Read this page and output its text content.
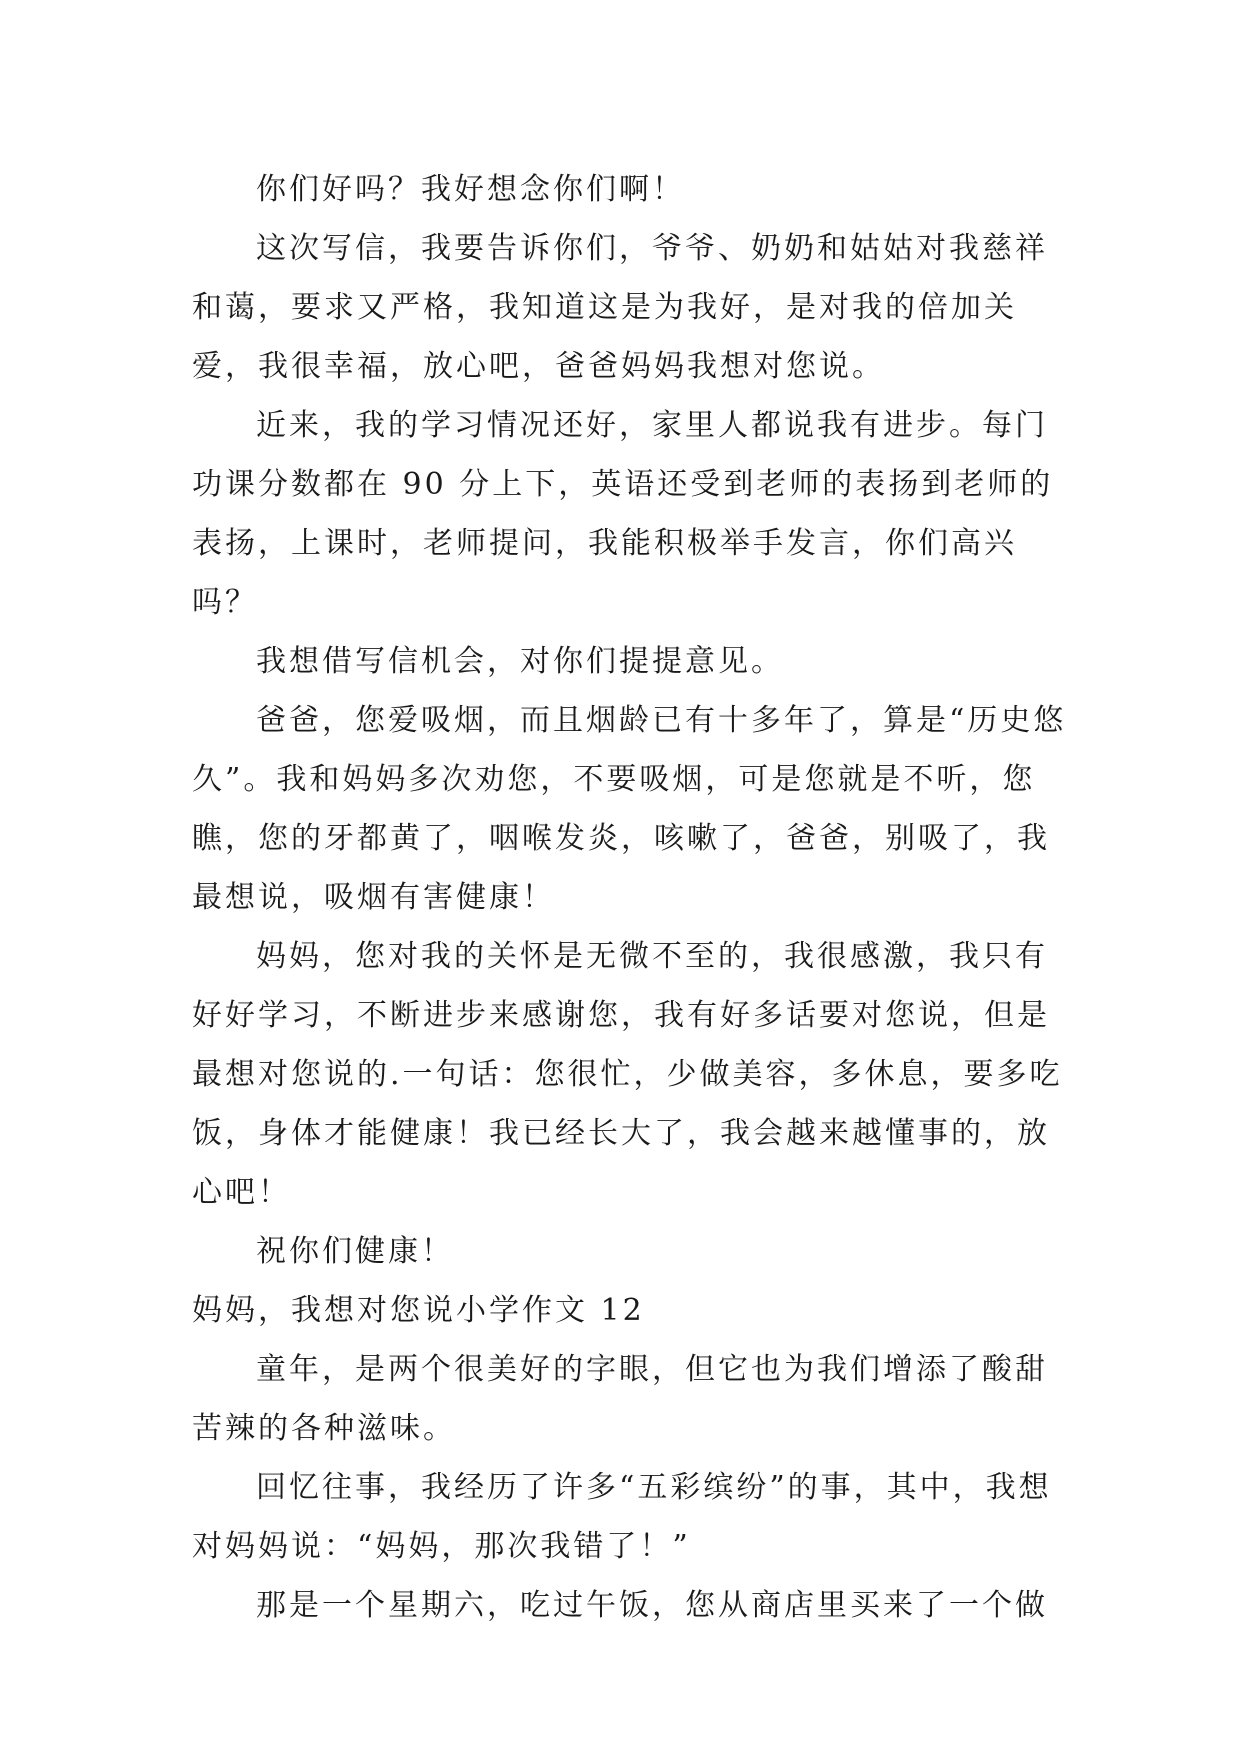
你们好吗？我好想念你们啊！

这次写信，我要告诉你们，爷爷、奶奶和姑姑对我慈祥和蔼，要求又严格，我知道这是为我好，是对我的倍加关爱，我很幸福，放心吧，爸爸妈妈我想对您说。

近来，我的学习情况还好，家里人都说我有进步。每门功课分数都在 90 分上下，英语还受到老师的表扬到老师的表扬，上课时，老师提问，我能积极举手发言，你们高兴吗？

我想借写信机会，对你们提提意见。

爸爸，您爱吸烟，而且烟龄已有十多年了，算是“历史悠久”。我和妈妈多次劝您，不要吸烟，可是您就是不听，您瞧，您的牙都黄了，咽喉发炎，咳嗽了，爸爸，别吸了，我最想说，吸烟有害健康！

妈妈，您对我的关怀是无微不至的，我很感激，我只有好好学习，不断进步来感谢您，我有好多话要对您说，但是最想对您说的.一句话：您很忙，少做美容，多休息，要多吃饭，身体才能健康！我已经长大了，我会越来越懂事的，放心吧！

祝你们健康！

妈妈，我想对您说小学作文 12

童年，是两个很美好的字眼，但它也为我们增添了酸甜苦辣的各种滋味。

回忆往事，我经历了许多“五彩缤纷”的事，其中，我想对妈妈说：“妈妈，那次我错了！”

那是一个星期六，吃过午饭，您从商店里买来了一个做
